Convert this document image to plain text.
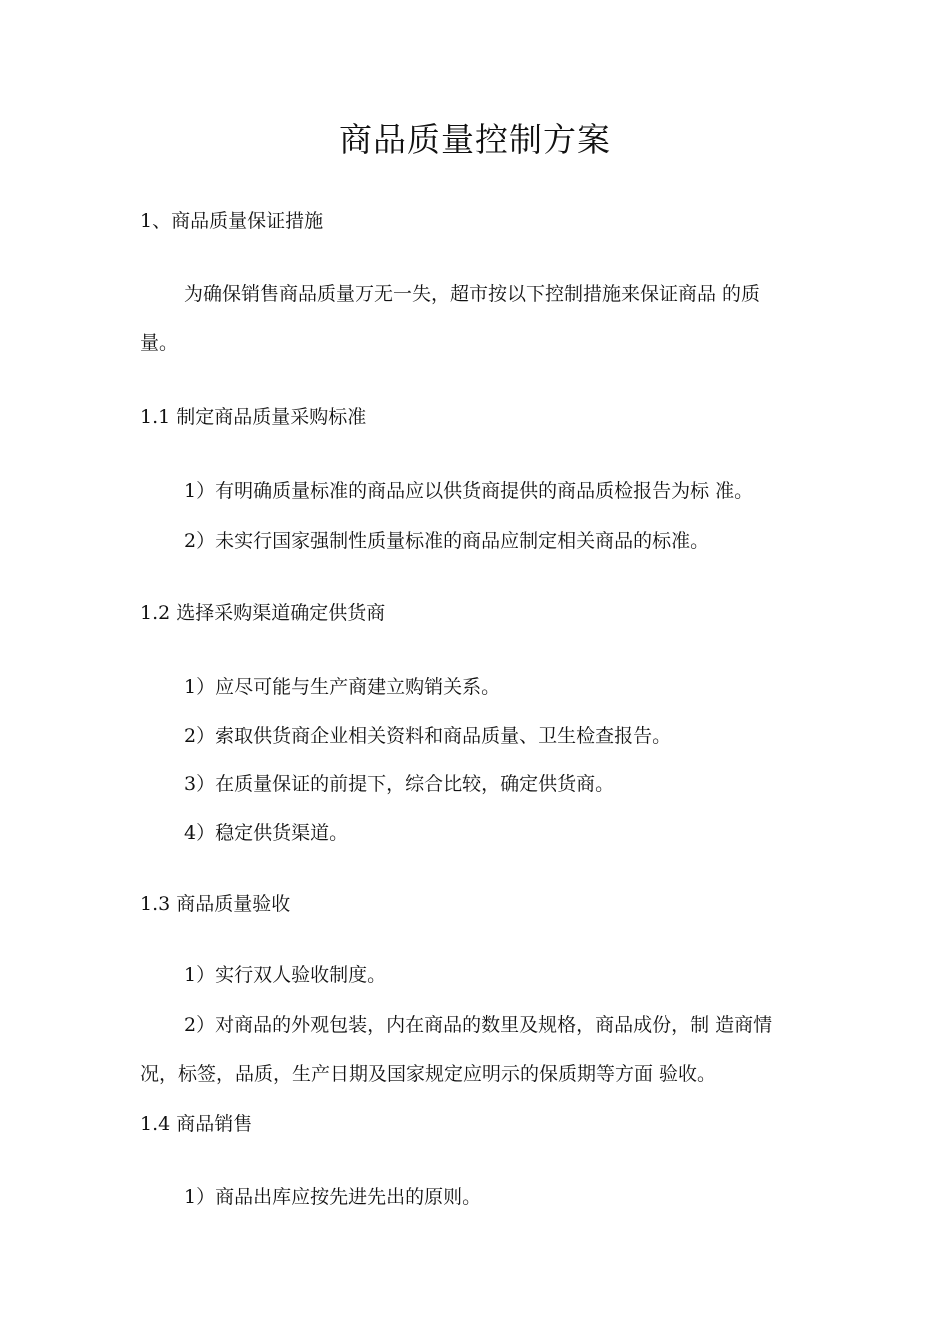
商品质量控制方案
1、商品质量保证措施
为确保销售商品质量万无一失，超市按以下控制措施来保证商品 的质
量。
1.1 制定商品质量采购标准
1）有明确质量标准的商品应以供货商提供的商品质检报告为标 准。
2）未实行国家强制性质量标准的商品应制定相关商品的标准。
1.2 选择采购渠道确定供货商
1）应尽可能与生产商建立购销关系。
2）索取供货商企业相关资料和商品质量、卫生检查报告。
3）在质量保证的前提下，综合比较，确定供货商。
4）稳定供货渠道。
1.3 商品质量验收
1）实行双人验收制度。
2）对商品的外观包装，内在商品的数里及规格，商品成份，制 造商情
况，标签，品质，生产日期及国家规定应明示的保质期等方面 验收。
1.4 商品销售
1）商品出库应按先进先出的原则。
